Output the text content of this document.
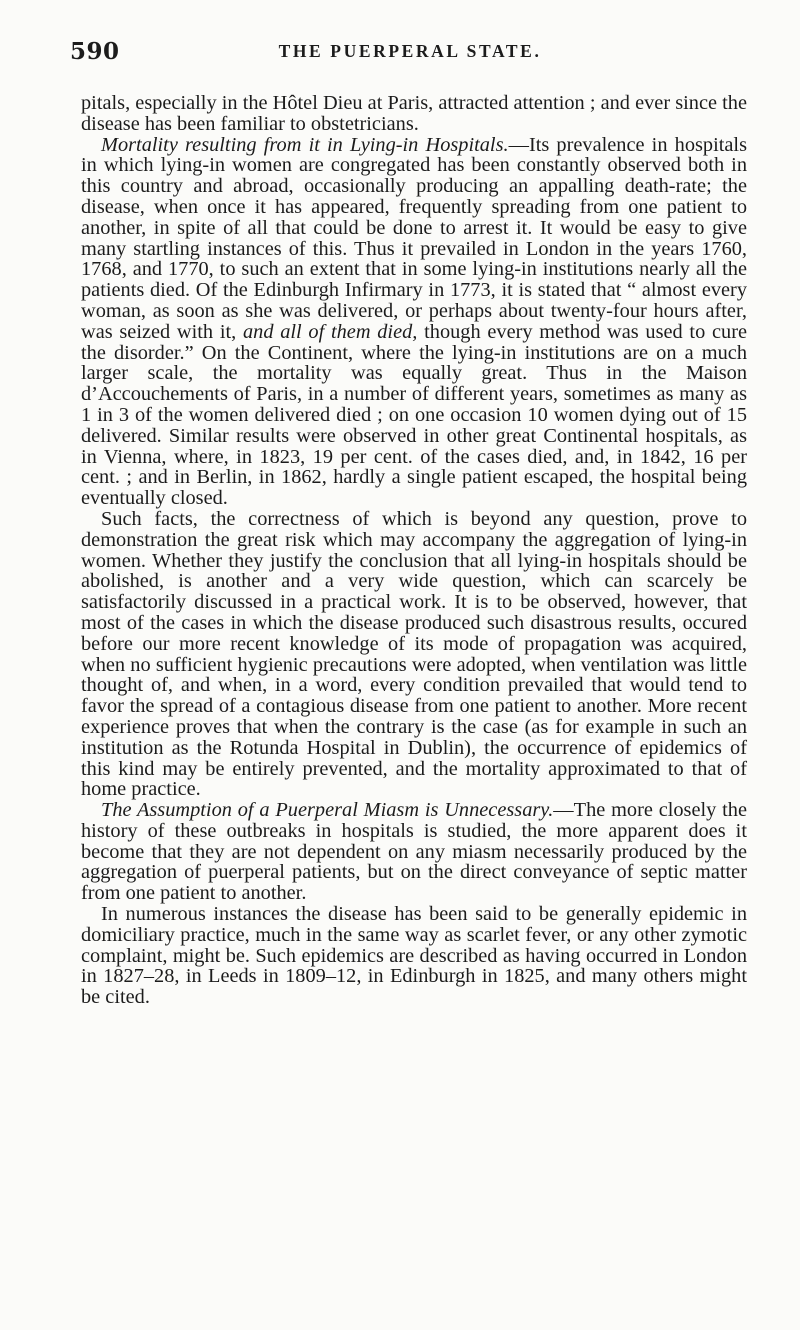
590	THE PUERPERAL STATE.

pitals, especially in the Hôtel Dieu at Paris, attracted attention ; and ever since the disease has been familiar to obstetricians.

Mortality resulting from it in Lying-in Hospitals.—Its prevalence in hospitals in which lying-in women are congregated has been constantly observed both in this country and abroad, occasionally producing an appalling death-rate; the disease, when once it has appeared, frequently spreading from one patient to another, in spite of all that could be done to arrest it. It would be easy to give many startling instances of this. Thus it prevailed in London in the years 1760, 1768, and 1770, to such an extent that in some lying-in institutions nearly all the patients died. Of the Edinburgh Infirmary in 1773, it is stated that “ almost every woman, as soon as she was delivered, or perhaps about twenty-four hours after, was seized with it, and all of them died, though every method was used to cure the disorder.” On the Continent, where the lying-in institutions are on a much larger scale, the mortality was equally great. Thus in the Maison d’Accouchements of Paris, in a number of different years, sometimes as many as 1 in 3 of the women delivered died ; on one occasion 10 women dying out of 15 delivered. Similar results were observed in other great Continental hospitals, as in Vienna, where, in 1823, 19 per cent. of the cases died, and, in 1842, 16 per cent. ; and in Berlin, in 1862, hardly a single patient escaped, the hospital being eventually closed.

Such facts, the correctness of which is beyond any question, prove to demonstration the great risk which may accompany the aggregation of lying-in women. Whether they justify the conclusion that all lying-in hospitals should be abolished, is another and a very wide question, which can scarcely be satisfactorily discussed in a practical work. It is to be observed, however, that most of the cases in which the disease produced such disastrous results, occured before our more recent knowledge of its mode of propagation was acquired, when no sufficient hygienic precautions were adopted, when ventilation was little thought of, and when, in a word, every condition prevailed that would tend to favor the spread of a contagious disease from one patient to another. More recent experience proves that when the contrary is the case (as for example in such an institution as the Rotunda Hospital in Dublin), the occurrence of epidemics of this kind may be entirely prevented, and the mortality approximated to that of home practice.

The Assumption of a Puerperal Miasm is Unnecessary.—The more closely the history of these outbreaks in hospitals is studied, the more apparent does it become that they are not dependent on any miasm necessarily produced by the aggregation of puerperal patients, but on the direct conveyance of septic matter from one patient to another.

In numerous instances the disease has been said to be generally epidemic in domiciliary practice, much in the same way as scarlet fever, or any other zymotic complaint, might be. Such epidemics are described as having occurred in London in 1827–28, in Leeds in 1809–12, in Edinburgh in 1825, and many others might be cited.
